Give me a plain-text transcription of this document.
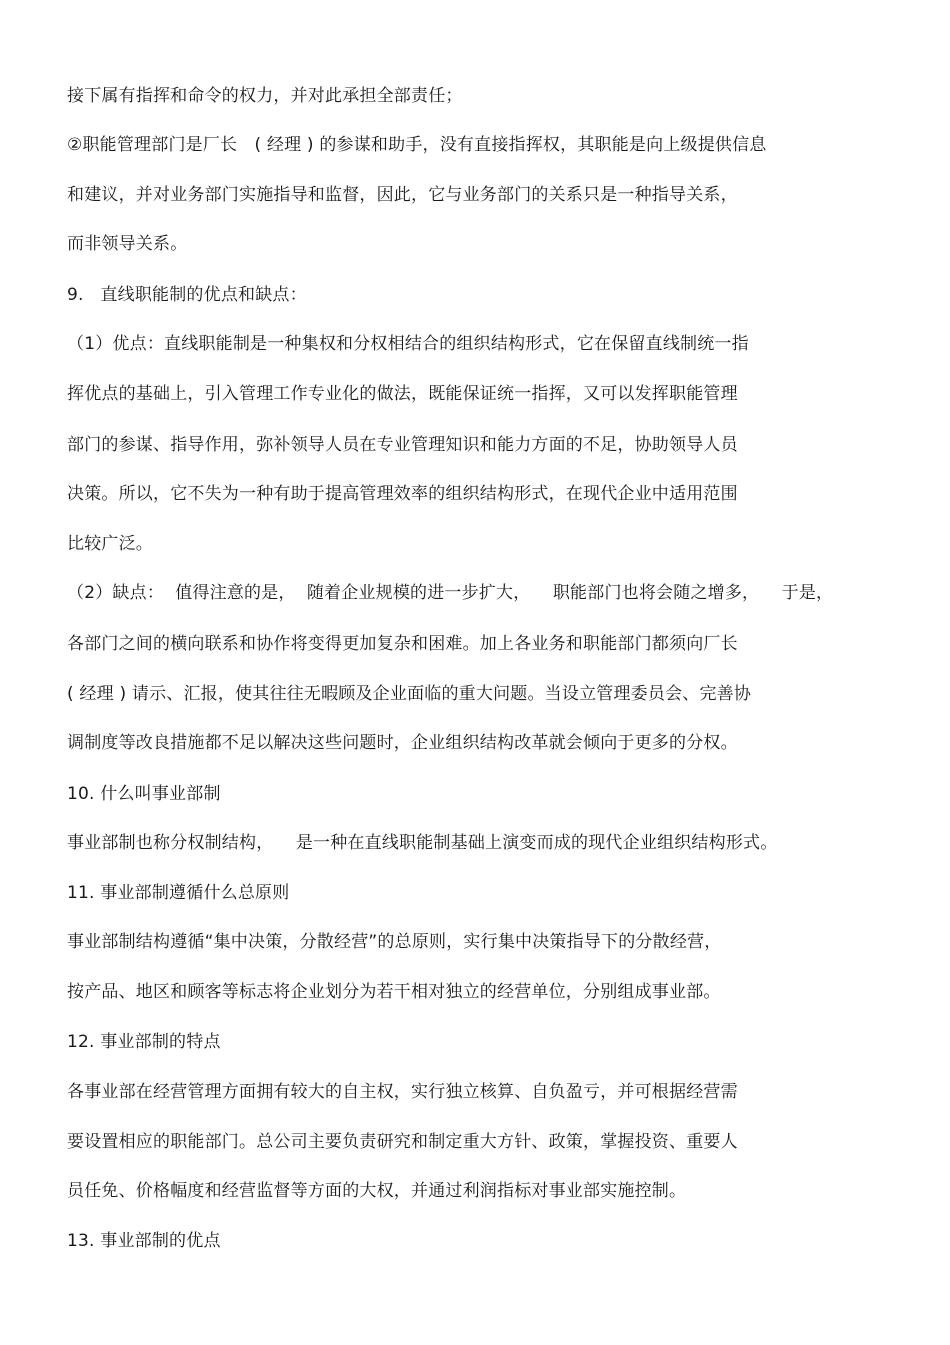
接下属有指挥和命令的权力，并对此承担全部责任；
②职能管理部门是厂长　( 经理 ) 的参谋和助手，没有直接指挥权，其职能是向上级提供信息
和建议，并对业务部门实施指导和监督，因此，它与业务部门的关系只是一种指导关系，
而非领导关系。
9.   直线职能制的优点和缺点：
（1）优点：直线职能制是一种集权和分权相结合的组织结构形式，它在保留直线制统一指
挥优点的基础上，引入管理工作专业化的做法，既能保证统一指挥，又可以发挥职能管理
部门的参谋、指导作用，弥补领导人员在专业管理知识和能力方面的不足，协助领导人员
决策。所以，它不失为一种有助于提高管理效率的组织结构形式，在现代企业中适用范围
比较广泛。
（2）缺点：  值得注意的是，  随着企业规模的进一步扩大，    职能部门也将会随之增多，    于是，
各部门之间的横向联系和协作将变得更加复杂和困难。加上各业务和职能部门都须向厂长
( 经理 ) 请示、汇报，使其往往无暇顾及企业面临的重大问题。当设立管理委员会、完善协
调制度等改良措施都不足以解决这些问题时，企业组织结构改革就会倾向于更多的分权。
10. 什么叫事业部制
事业部制也称分权制结构，    是一种在直线职能制基础上演变而成的现代企业组织结构形式。
11. 事业部制遵循什么总原则
事业部制结构遵循“集中决策，分散经营”的总原则，实行集中决策指导下的分散经营，
按产品、地区和顾客等标志将企业划分为若干相对独立的经营单位，分别组成事业部。
12. 事业部制的特点
各事业部在经营管理方面拥有较大的自主权，实行独立核算、自负盈亏，并可根据经营需
要设置相应的职能部门。总公司主要负责研究和制定重大方针、政策，掌握投资、重要人
员任免、价格幅度和经营监督等方面的大权，并通过利润指标对事业部实施控制。
13. 事业部制的优点
